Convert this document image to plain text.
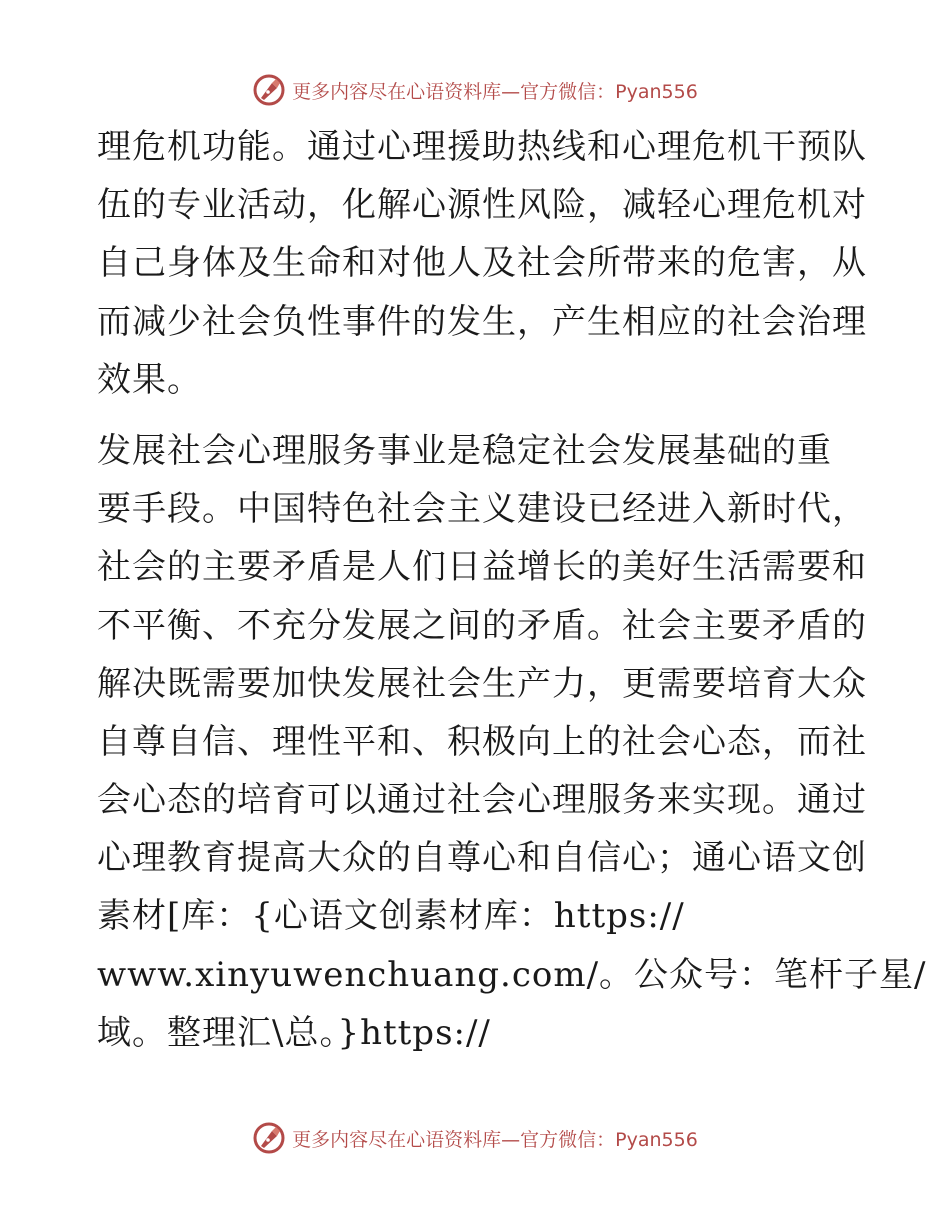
更多内容尽在心语资料库—官方微信：Pyan556
理危机功能。通过心理援助热线和心理危机干预队
伍的专业活动，化解心源性风险，减轻心理危机对
自己身体及生命和对他人及社会所带来的危害，从
而减少社会负性事件的发生，产生相应的社会治理
效果。
发展社会心理服务事业是稳定社会发展基础的重
要手段。中国特色社会主义建设已经进入新时代，
社会的主要矛盾是人们日益增长的美好生活需要和
不平衡、不充分发展之间的矛盾。社会主要矛盾的
解决既需要加快发展社会生产力，更需要培育大众
自尊自信、理性平和、积极向上的社会心态，而社
会心态的培育可以通过社会心理服务来实现。通过
心理教育提高大众的自尊心和自信心；通心语文创
素材[库：{心语文创素材库：https://
www.xinyuwenchuang.com/。公众号：笔杆子星/
域。整理汇\总。}https://
更多内容尽在心语资料库—官方微信：Pyan556
